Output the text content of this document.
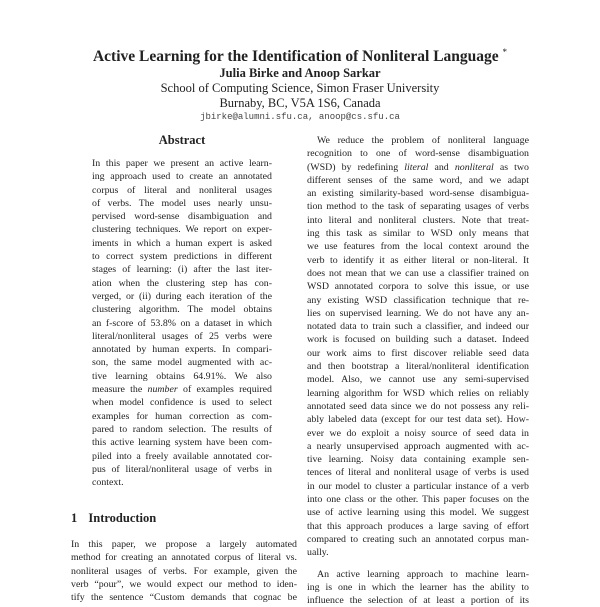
Active Learning for the Identification of Nonliteral Language *
Julia Birke and Anoop Sarkar
School of Computing Science, Simon Fraser University
Burnaby, BC, V5A 1S6, Canada
jbirke@alumni.sfu.ca, anoop@cs.sfu.ca
Abstract
In this paper we present an active learn-
ing approach used to create an annotated
corpus of literal and nonliteral usages
of verbs. The model uses nearly unsu-
pervised word-sense disambiguation and
clustering techniques. We report on exper-
iments in which a human expert is asked
to correct system predictions in different
stages of learning: (i) after the last iter-
ation when the clustering step has con-
verged, or (ii) during each iteration of the
clustering algorithm. The model obtains
an f-score of 53.8% on a dataset in which
literal/nonliteral usages of 25 verbs were
annotated by human experts. In compari-
son, the same model augmented with ac-
tive learning obtains 64.91%. We also
measure the number of examples required
when model confidence is used to select
examples for human correction as com-
pared to random selection. The results of
this active learning system have been com-
piled into a freely available annotated cor-
pus of literal/nonliteral usage of verbs in
context.
1 Introduction
In this paper, we propose a largely automated
method for creating an annotated corpus of literal vs.
nonliteral usages of verbs. For example, given the
verb “pour”, we would expect our method to iden-
tify the sentence “Custom demands that cognac be
We reduce the problem of nonliteral language
recognition to one of word-sense disambiguation
(WSD) by redefining literal and nonliteral as two
different senses of the same word, and we adapt
an existing similarity-based word-sense disambigua-
tion method to the task of separating usages of verbs
into literal and nonliteral clusters. Note that treat-
ing this task as similar to WSD only means that
we use features from the local context around the
verb to identify it as either literal or non-literal. It
does not mean that we can use a classifier trained on
WSD annotated corpora to solve this issue, or use
any existing WSD classification technique that re-
lies on supervised learning. We do not have any an-
notated data to train such a classifier, and indeed our
work is focused on building such a dataset. Indeed
our work aims to first discover reliable seed data
and then bootstrap a literal/nonliteral identification
model. Also, we cannot use any semi-supervised
learning algorithm for WSD which relies on reliably
annotated seed data since we do not possess any reli-
ably labeled data (except for our test data set). How-
ever we do exploit a noisy source of seed data in
a nearly unsupervised approach augmented with ac-
tive learning. Noisy data containing example sen-
tences of literal and nonliteral usage of verbs is used
in our model to cluster a particular instance of a verb
into one class or the other. This paper focuses on the
use of active learning using this model. We suggest
that this approach produces a large saving of effort
compared to creating such an annotated corpus man-
ually.
An active learning approach to machine learn-
ing is one in which the learner has the ability to
influence the selection of at least a portion of its
